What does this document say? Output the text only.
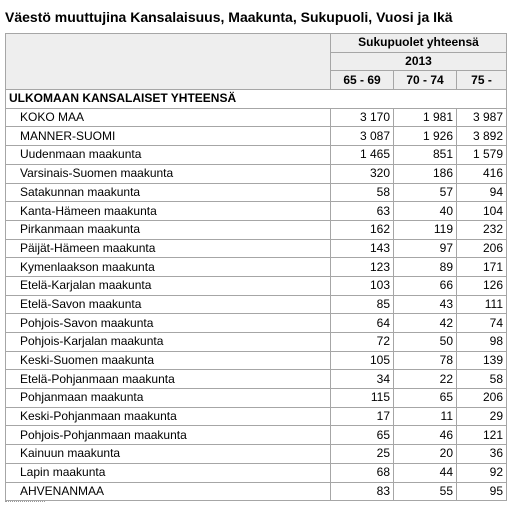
Väestö muuttujina Kansalaisuus, Maakunta, Sukupuoli, Vuosi ja Ikä
	Sukupuolet yhteensä		
	2013		
	65 - 69	70 - 74	75 -
ULKOMAAN KANSALAISET YHTEENSÄ			
KOKO MAA	3 170	1 981	3 987
MANNER-SUOMI	3 087	1 926	3 892
Uudenmaan maakunta	1 465	851	1 579
Varsinais-Suomen maakunta	320	186	416
Satakunnan maakunta	58	57	94
Kanta-Hämeen maakunta	63	40	104
Pirkanmaan maakunta	162	119	232
Päijät-Hämeen maakunta	143	97	206
Kymenlaakson maakunta	123	89	171
Etelä-Karjalan maakunta	103	66	126
Etelä-Savon maakunta	85	43	111
Pohjois-Savon maakunta	64	42	74
Pohjois-Karjalan maakunta	72	50	98
Keski-Suomen maakunta	105	78	139
Etelä-Pohjanmaan maakunta	34	22	58
Pohjanmaan maakunta	115	65	206
Keski-Pohjanmaan maakunta	17	11	29
Pohjois-Pohjanmaan maakunta	65	46	121
Kainuun maakunta	25	20	36
Lapin maakunta	68	44	92
AHVENANMAA	83	55	95
